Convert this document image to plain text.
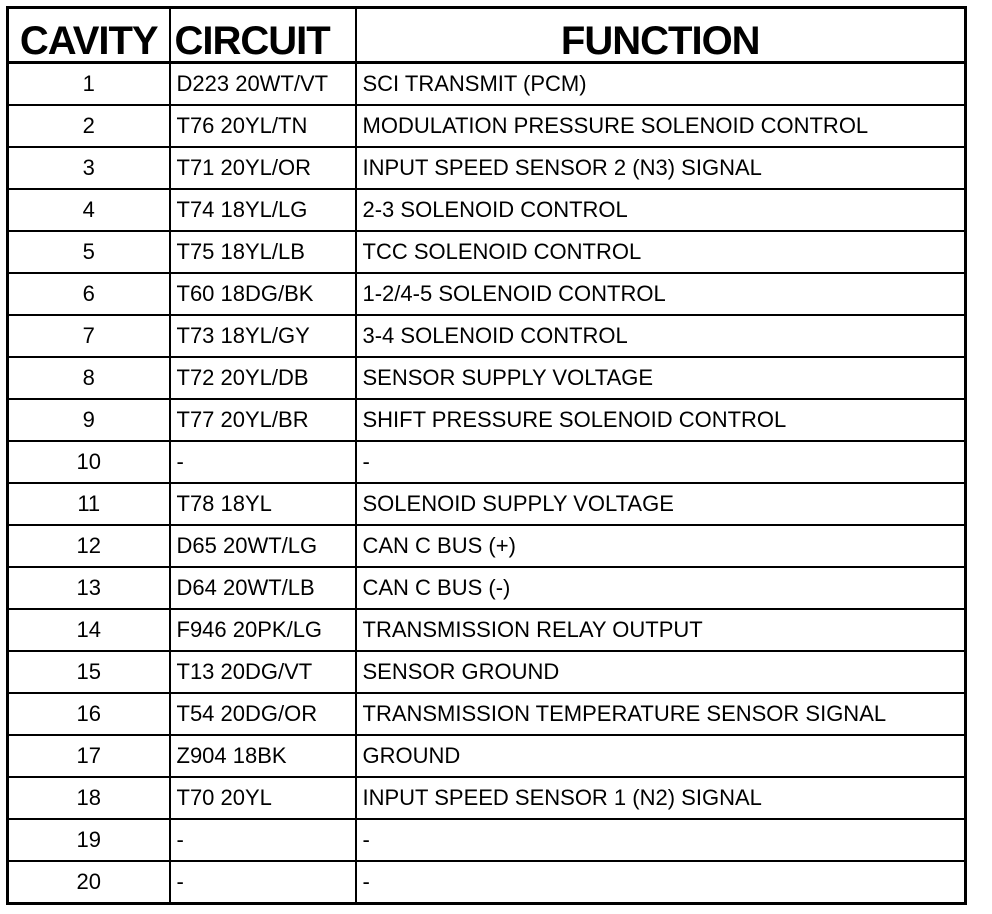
CAVITY	CIRCUIT	FUNCTION
1	D223 20WT/VT	SCI TRANSMIT (PCM)
2	T76 20YL/TN	MODULATION PRESSURE SOLENOID CONTROL
3	T71 20YL/OR	INPUT SPEED SENSOR 2 (N3) SIGNAL
4	T74 18YL/LG	2-3 SOLENOID CONTROL
5	T75 18YL/LB	TCC SOLENOID CONTROL
6	T60 18DG/BK	1-2/4-5 SOLENOID CONTROL
7	T73 18YL/GY	3-4 SOLENOID CONTROL
8	T72 20YL/DB	SENSOR SUPPLY VOLTAGE
9	T77 20YL/BR	SHIFT PRESSURE SOLENOID CONTROL
10	-	-
11	T78 18YL	SOLENOID SUPPLY VOLTAGE
12	D65 20WT/LG	CAN C BUS (+)
13	D64 20WT/LB	CAN C BUS (-)
14	F946 20PK/LG	TRANSMISSION RELAY OUTPUT
15	T13 20DG/VT	SENSOR GROUND
16	T54 20DG/OR	TRANSMISSION TEMPERATURE SENSOR SIGNAL
17	Z904 18BK	GROUND
18	T70 20YL	INPUT SPEED SENSOR 1 (N2) SIGNAL
19	-	-
20	-	-
